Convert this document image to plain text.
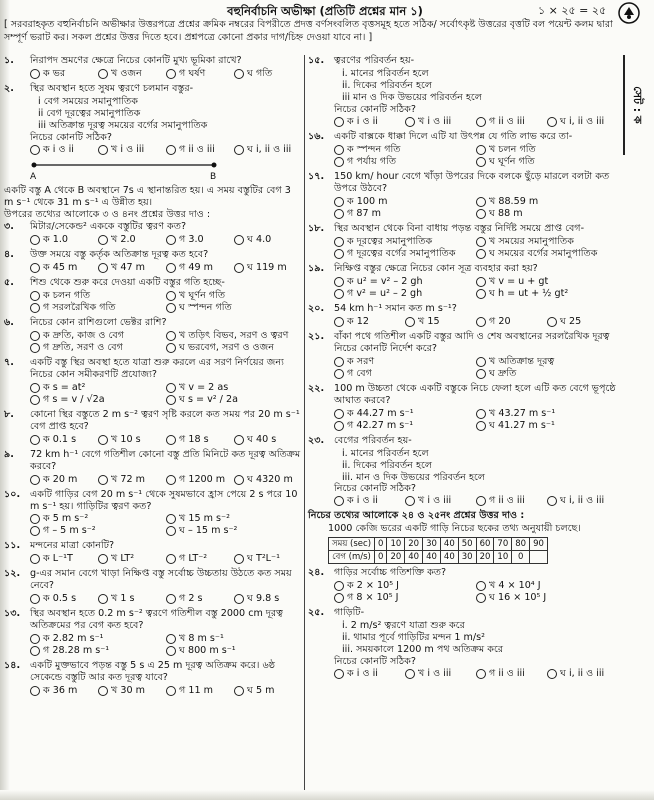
বহুনির্বাচনি অভীক্ষা (প্রতিটি প্রশ্নের মান ১)	১ × ২৫ = ২৫
[ সরবরাহকৃত বহুনির্বাচনি অভীক্ষার উত্তরপত্রে প্রশ্নের ক্রমিক নম্বরের বিপরীতে প্রদত্ত বর্ণসংবলিত বৃত্তসমূহ হতে সঠিক/ সর্বোৎকৃষ্ট উত্তরের বৃত্তটি বল পয়েন্ট কলম দ্বারা সম্পূর্ণ ভরাট কর। সকল প্রশ্নের উত্তর দিতে হবে। প্রশ্নপত্রে কোনো প্রকার দাগ/চিহ্ন দেওয়া যাবে না। ]
সেট : ক
১.	নিরাপদ ভ্রমণের ক্ষেত্রে নিচের কোনটি মুখ্য ভূমিকা রাখে?
ক ভর	খ ওজন	গ ঘর্ষণ	ঘ গতি
২.	স্থির অবস্থান হতে সুষম ত্বরণে চলমান বস্তুর-
i বেগ সময়ের সমানুপাতিক
ii বেগ দূরত্বের সমানুপাতিক
iii অতিক্রান্ত দূরত্ব সময়ের বর্গের সমানুপাতিক
নিচের কোনটি সঠিক?
ক i ও ii	খ i ও iii	গ ii ও iii	ঘ i, ii ও iii
A	B
একটি বস্তু A থেকে B অবস্থানে 7s এ স্থানান্তরিত হয়। এ সময় বস্তুটির বেগ 3 m s⁻¹ থেকে 31 m s⁻¹ এ উন্নীত হয়।
উপরের তথ্যের আলোকে ৩ ও ৪নং প্রশ্নের উত্তর দাও :
৩.	মিটার/সেকেন্ড² এককে বস্তুটির ত্বরণ কত?
ক 1.0	খ 2.0	গ 3.0	ঘ 4.0
৪.	উক্ত সময়ে বস্তু কর্তৃক অতিক্রান্ত দূরত্ব কত হবে?
ক 45 m	খ 47 m	গ 49 m	ঘ 119 m
৫.	শিশু থেকে শুরু করে দেওয়া একটি বস্তুর গতি হচ্ছে-
ক চলন গতি	খ ঘূর্ণন গতি
গ সরলরৈখিক গতি	ঘ স্পন্দন গতি
৬.	নিচের কোন রাশিগুলো ভেক্টর রাশি?
ক দ্রুতি, কাজ ও বেগ	খ তড়িৎ বিভব, সরণ ও ত্বরণ
গ দ্রুতি, সরণ ও বেগ	ঘ ভরবেগ, সরণ ও ওজন
৭.	একটি বস্তু স্থির অবস্থা হতে যাত্রা শুরু করলে এর সরণ নির্ণয়ের জন্য নিচের কোন সমীকরণটি প্রযোজ্য?
ক s = at²	খ v = 2 as
গ s = v / √2a	ঘ s = v² / 2a
৮.	কোনো স্থির বস্তুতে 2 m s⁻² ত্বরণ সৃষ্টি করলে কত সময় পর 20 m s⁻¹ বেগ প্রাপ্ত হবে?
ক 0.1 s	খ 10 s	গ 18 s	ঘ 40 s
৯.	72 km h⁻¹ বেগে গতিশীল কোনো বস্তু প্রতি মিনিটে কত দূরত্ব অতিক্রম করবে?
ক 20 m	খ 72 m	গ 1200 m ঘ 4320 m
১০.	একটি গাড়ির বেগ 20 m s⁻¹ থেকে সুষমভাবে হ্রাস পেয়ে 2 s পরে 10 m s⁻¹ হয়। গাড়িটির ত্বরণ কত?
ক 5 m s⁻²	খ 15 m s⁻²
গ – 5 m s⁻²	ঘ – 15 m s⁻²
১১.	মন্দনের মাত্রা কোনটি?
ক L⁻¹T	খ LT²	গ LT⁻²	ঘ T²L⁻¹
১২.	g-এর সমান বেগে খাড়া নিক্ষিপ্ত বস্তু সর্বোচ্চ উচ্চতায় উঠতে কত সময় নেবে?
ক 0.5 s	খ 1 s	গ 2 s	ঘ 9.8 s
১৩.	স্থির অবস্থান হতে 0.2 m s⁻² ত্বরণে গতিশীল বস্তু 2000 cm দূরত্ব অতিক্রমের পর বেগ কত হবে?
ক 2.82 m s⁻¹	খ 8 m s⁻¹
গ 28.28 m s⁻¹	ঘ 800 m s⁻¹
১৪.	একটি মুক্তভাবে পড়ন্ত বস্তু 5 s এ 25 m দূরত্ব অতিক্রম করে। ৬ষ্ঠ সেকেন্ডে বস্তুটি আর কত দূরত্ব যাবে?
ক 36 m	খ 30 m	গ 11 m	ঘ 5 m
১৫.	ত্বরণের পরিবর্তন হয়-
i. মানের পরিবর্তন হলে
ii. দিকের পরিবর্তন হলে
iii মান ও দিক উভয়ের পরিবর্তন হলে
নিচের কোনটি সঠিক?
ক i ও ii	খ i ও iii	গ ii ও iii	ঘ i, ii ও iii
১৬.	একটি বাক্সকে ধাক্কা দিলে এটি যা উৎপন্ন যে গতি লাভ করে তা-
ক স্পন্দন গতি	খ চলন গতি
গ পর্যায় গতি	ঘ ঘূর্ণন গতি
১৭.	150 km/ hour বেগে খাঁড়া উপরের দিকে বলকে ছুঁড়ে মারলে বলটা কত উপরে উঠবে?
ক 100 m	খ 88.59 m
গ 87 m	ঘ 88 m
১৮.	স্থির অবস্থান থেকে বিনা বাধায় পড়ন্ত বস্তুর নির্দিষ্ট সময়ে প্রাপ্ত বেগ-
ক দূরত্বের সমানুপাতিক	খ সময়ের সমানুপাতিক
গ দূরত্বের বর্গের সমানুপাতিক	ঘ সময়ের বর্গের সমানুপাতিক
১৯.	নিক্ষিপ্ত বস্তুর ক্ষেত্রে নিচের কোন সূত্র ব্যবহার করা হয়?
ক u² = v² – 2 gh	খ v = u + gt
গ v² = u² – 2 gh	ঘ h = ut + ½ gt²
২০.	54 km h⁻¹ সমান কত m s⁻¹?
ক 12	খ 15	গ 20	ঘ 25
২১.	বাঁকা পথে গতিশীল একটি বস্তুর আদি ও শেষ অবস্থানের সরলরৈখিক দূরত্ব নিচের কোনটি নির্দেশ করে?
ক সরণ	খ অতিক্রান্ত দূরত্ব
গ বেগ	ঘ দ্রুতি
২২.	100 m উচ্চতা থেকে একটি বস্তুকে নিচে ফেলা হলে এটি কত বেগে ভূপৃষ্ঠে আঘাত করবে?
ক 44.27 m s⁻¹	খ 43.27 m s⁻¹
গ 42.27 m s⁻¹	ঘ 41.27 m s⁻¹
২৩.	বেগের পরিবর্তন হয়-
i. মানের পরিবর্তন হলে
ii. দিকের পরিবর্তন হলে
iii. মান ও দিক উভয়ের পরিবর্তন হলে
নিচের কোনটি সঠিক?
ক i ও ii	খ i ও iii	গ ii ও iii	ঘ i, ii ও iii
নিচের তথ্যের আলোকে ২৪ ও ২৫নং প্রশ্নের উত্তর দাও :
1000 কেজি ভরের একটি গাড়ি নিচের ছকের তথ্য অনুযায়ী চলছে।
সময় (sec)	0	10	20	30	40	50	60	70	80	90
বেগ (m/s)	0	20	40	40	40	30	20	10	0	
২৪.	গাড়ির সর্বোচ্চ গতিশক্তি কত?
ক 2 × 10⁵ J	খ 4 × 10⁴ J
গ 8 × 10⁵ J	ঘ 16 × 10⁵ J
২৫.	গাড়িটি-
i. 2 m/s² ত্বরণে যাত্রা শুরু করে
ii. থামার পূর্বে গাড়িটির মন্দন 1 m/s²
iii. সময়কালে 1200 m পথ অতিক্রম করে
নিচের কোনটি সঠিক?
ক i ও ii	খ i ও iii	গ ii ও iii	ঘ i, ii ও iii
